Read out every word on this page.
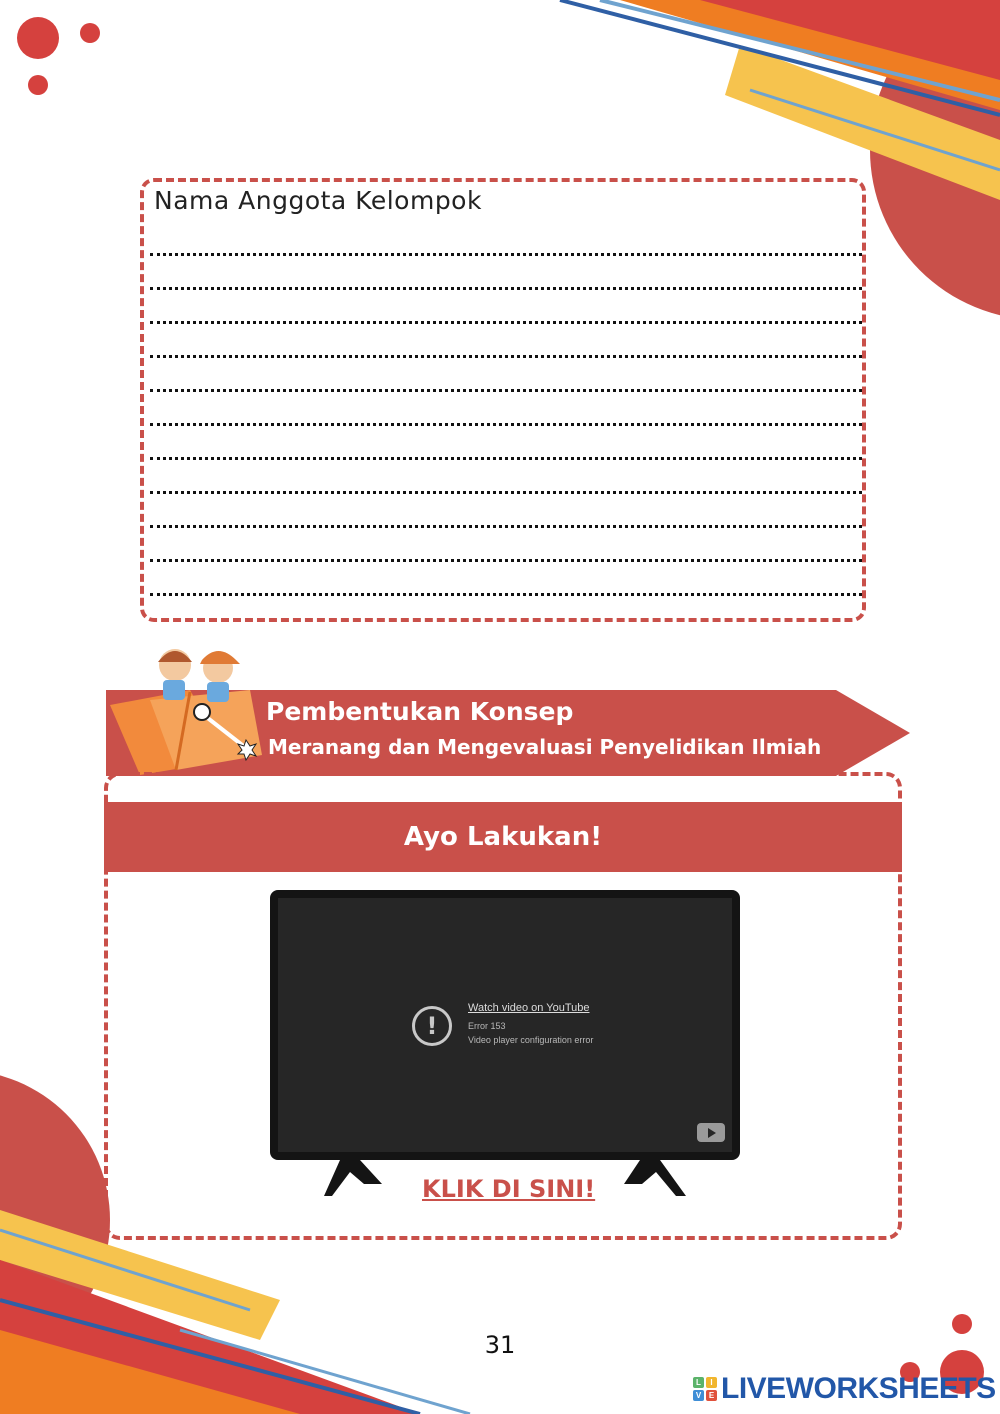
Nama Anggota Kelompok
Pembentukan Konsep
Meranang dan Mengevaluasi Penyelidikan Ilmiah
Ayo Lakukan!
!
Watch video on YouTube
Error 153
Video player configuration error
KLIK DI SINI!
31
L	I
V E LIVEWORKSHEETS
